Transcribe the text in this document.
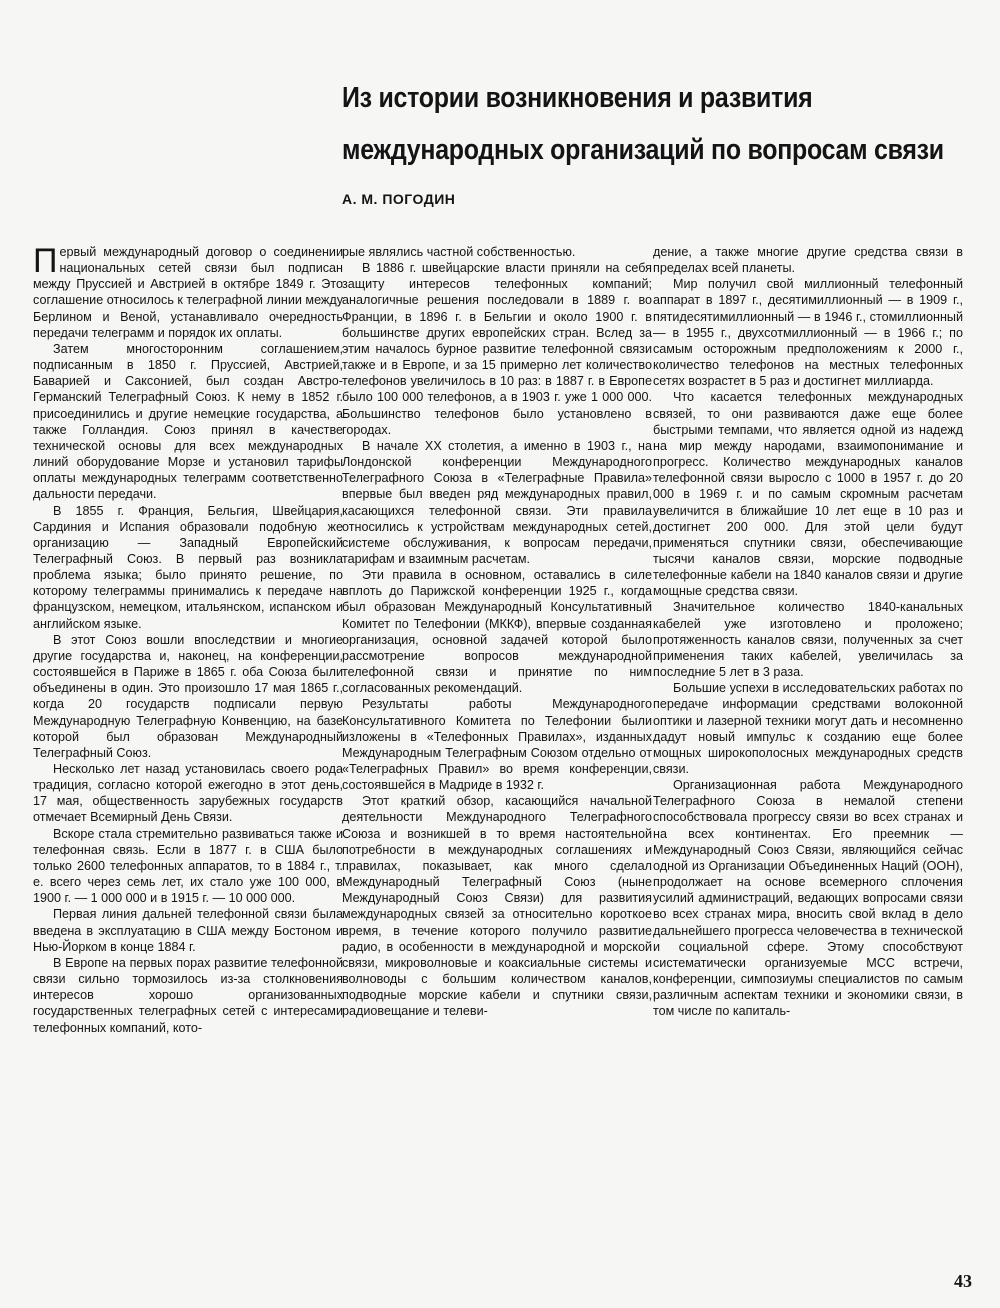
Из истории возникновения и развития
международных организаций по вопросам связи
А. М. ПОГОДИН

Первый международный договор о соединении национальных сетей связи был подписан между Пруссией и Австрией в октябре 1849 г. Это соглашение относилось к телеграфной линии между Берлином и Веной, устанавливало очередность передачи телеграмм и порядок их оплаты.

Затем многосторонним соглашением, подписанным в 1850 г. Пруссией, Австрией, Баварией и Саксонией, был создан Австро-Германский Телеграфный Союз. К нему в 1852 г. присоединились и другие немецкие государства, а также Голландия. Союз принял в качестве технической основы для всех международных линий оборудование Морзе и установил тарифы оплаты международных телеграмм соответственно дальности передачи.

В 1855 г. Франция, Бельгия, Швейцария, Сардиния и Испания образовали подобную же организацию — Западный Европейский Телеграфный Союз. В первый раз возникла проблема языка; было принято решение, по которому телеграммы принимались к передаче на французском, немецком, итальянском, испанском и английском языке.

В этот Союз вошли впоследствии и многие другие государства и, наконец, на конференции, состоявшейся в Париже в 1865 г. оба Союза были объединены в один. Это произошло 17 мая 1865 г., когда 20 государств подписали первую Международную Телеграфную Конвенцию, на базе которой был образован Международный Телеграфный Союз.

Несколько лет назад установилась своего рода традиция, согласно которой ежегодно в этот день, 17 мая, общественность зарубежных государств отмечает Всемирный День Связи.

Вскоре стала стремительно развиваться также и телефонная связь. Если в 1877 г. в США было только 2600 телефонных аппаратов, то в 1884 г., т. е. всего через семь лет, их стало уже 100 000, в 1900 г. — 1 000 000 и в 1915 г. — 10 000 000.

Первая линия дальней телефонной связи была введена в эксплуатацию в США между Бостоном и Нью-Йорком в конце 1884 г.

В Европе на первых порах развитие телефонной связи сильно тормозилось из-за столкновения интересов хорошо организованных государственных телеграфных сетей с интересами телефонных компаний, кото-

рые являлись частной собственностью.

В 1886 г. швейцарские власти приняли на себя защиту интересов телефонных компаний; аналогичные решения последовали в 1889 г. во Франции, в 1896 г. в Бельгии и около 1900 г. в большинстве других европейских стран. Вслед за этим началось бурное развитие телефонной связи также и в Европе, и за 15 примерно лет количество телефонов увеличилось в 10 раз: в 1887 г. в Европе было 100 000 телефонов, а в 1903 г. уже 1 000 000. Большинство телефонов было установлено в городах.

В начале XX столетия, а именно в 1903 г., на Лондонской конференции Международного Телеграфного Союза в «Телеграфные Правила» впервые был введен ряд международных правил, касающихся телефонной связи. Эти правила относились к устройствам международных сетей, системе обслуживания, к вопросам передачи, тарифам и взаимным расчетам.

Эти правила в основном, оставались в силе вплоть до Парижской конференции 1925 г., когда был образован Международный Консультативный Комитет по Телефонии (МККФ), впервые созданная организация, основной задачей которой было рассмотрение вопросов международной телефонной связи и принятие по ним согласованных рекомендаций.

Результаты работы Международного Консультативного Комитета по Телефонии были изложены в «Телефонных Правилах», изданных Международным Телеграфным Союзом отдельно от «Телеграфных Правил» во время конференции, состоявшейся в Мадриде в 1932 г.

Этот краткий обзор, касающийся начальной деятельности Международного Телеграфного Союза и возникшей в то время настоятельной потребности в международных соглашениях и правилах, показывает, как много сделал Международный Телеграфный Союз (ныне Международный Союз Связи) для развития международных связей за относительно короткое время, в течение которого получило развитие радио, в особенности в международной и морской связи, микроволновые и коаксиальные системы и волноводы с большим количеством каналов, подводные морские кабели и спутники связи, радиовещание и телеви-

дение, а также многие другие средства связи в пределах всей планеты.

Мир получил свой миллионный телефонный аппарат в 1897 г., десятимиллионный — в 1909 г., пятидесятимиллионный — в 1946 г., стомиллионный — в 1955 г., двухсотмиллионный — в 1966 г.; по самым осторожным предположениям к 2000 г., количество телефонов на местных телефонных сетях возрастет в 5 раз и достигнет миллиарда.

Что касается телефонных международных связей, то они развиваются даже еще более быстрыми темпами, что является одной из надежд на мир между народами, взаимопонимание и прогресс. Количество международных каналов телефонной связи выросло с 1000 в 1957 г. до 20 000 в 1969 г. и по самым скромным расчетам увеличится в ближайшие 10 лет еще в 10 раз и достигнет 200 000. Для этой цели будут применяться спутники связи, обеспечивающие тысячи каналов связи, морские подводные телефонные кабели на 1840 каналов связи и другие мощные средства связи.

Значительное количество 1840-канальных кабелей уже изготовлено и проложено; протяженность каналов связи, полученных за счет применения таких кабелей, увеличилась за последние 5 лет в 3 раза.

Большие успехи в исследовательских работах по передаче информации средствами волоконной оптики и лазерной техники могут дать и несомненно дадут новый импульс к созданию еще более мощных широкополосных международных средств связи.

Организационная работа Международного Телеграфного Союза в немалой степени способствовала прогрессу связи во всех странах и на всех континентах. Его преемник — Международный Союз Связи, являющийся сейчас одной из Организации Объединенных Наций (ООН), продолжает на основе всемерного сплочения усилий администраций, ведающих вопросами связи во всех странах мира, вносить свой вклад в дело дальнейшего прогресса человечества в технической и социальной сфере. Этому способствуют систематически организуемые МСС встречи, конференции, симпозиумы специалистов по самым различным аспектам техники и экономики связи, в том числе по капиталь-

43
